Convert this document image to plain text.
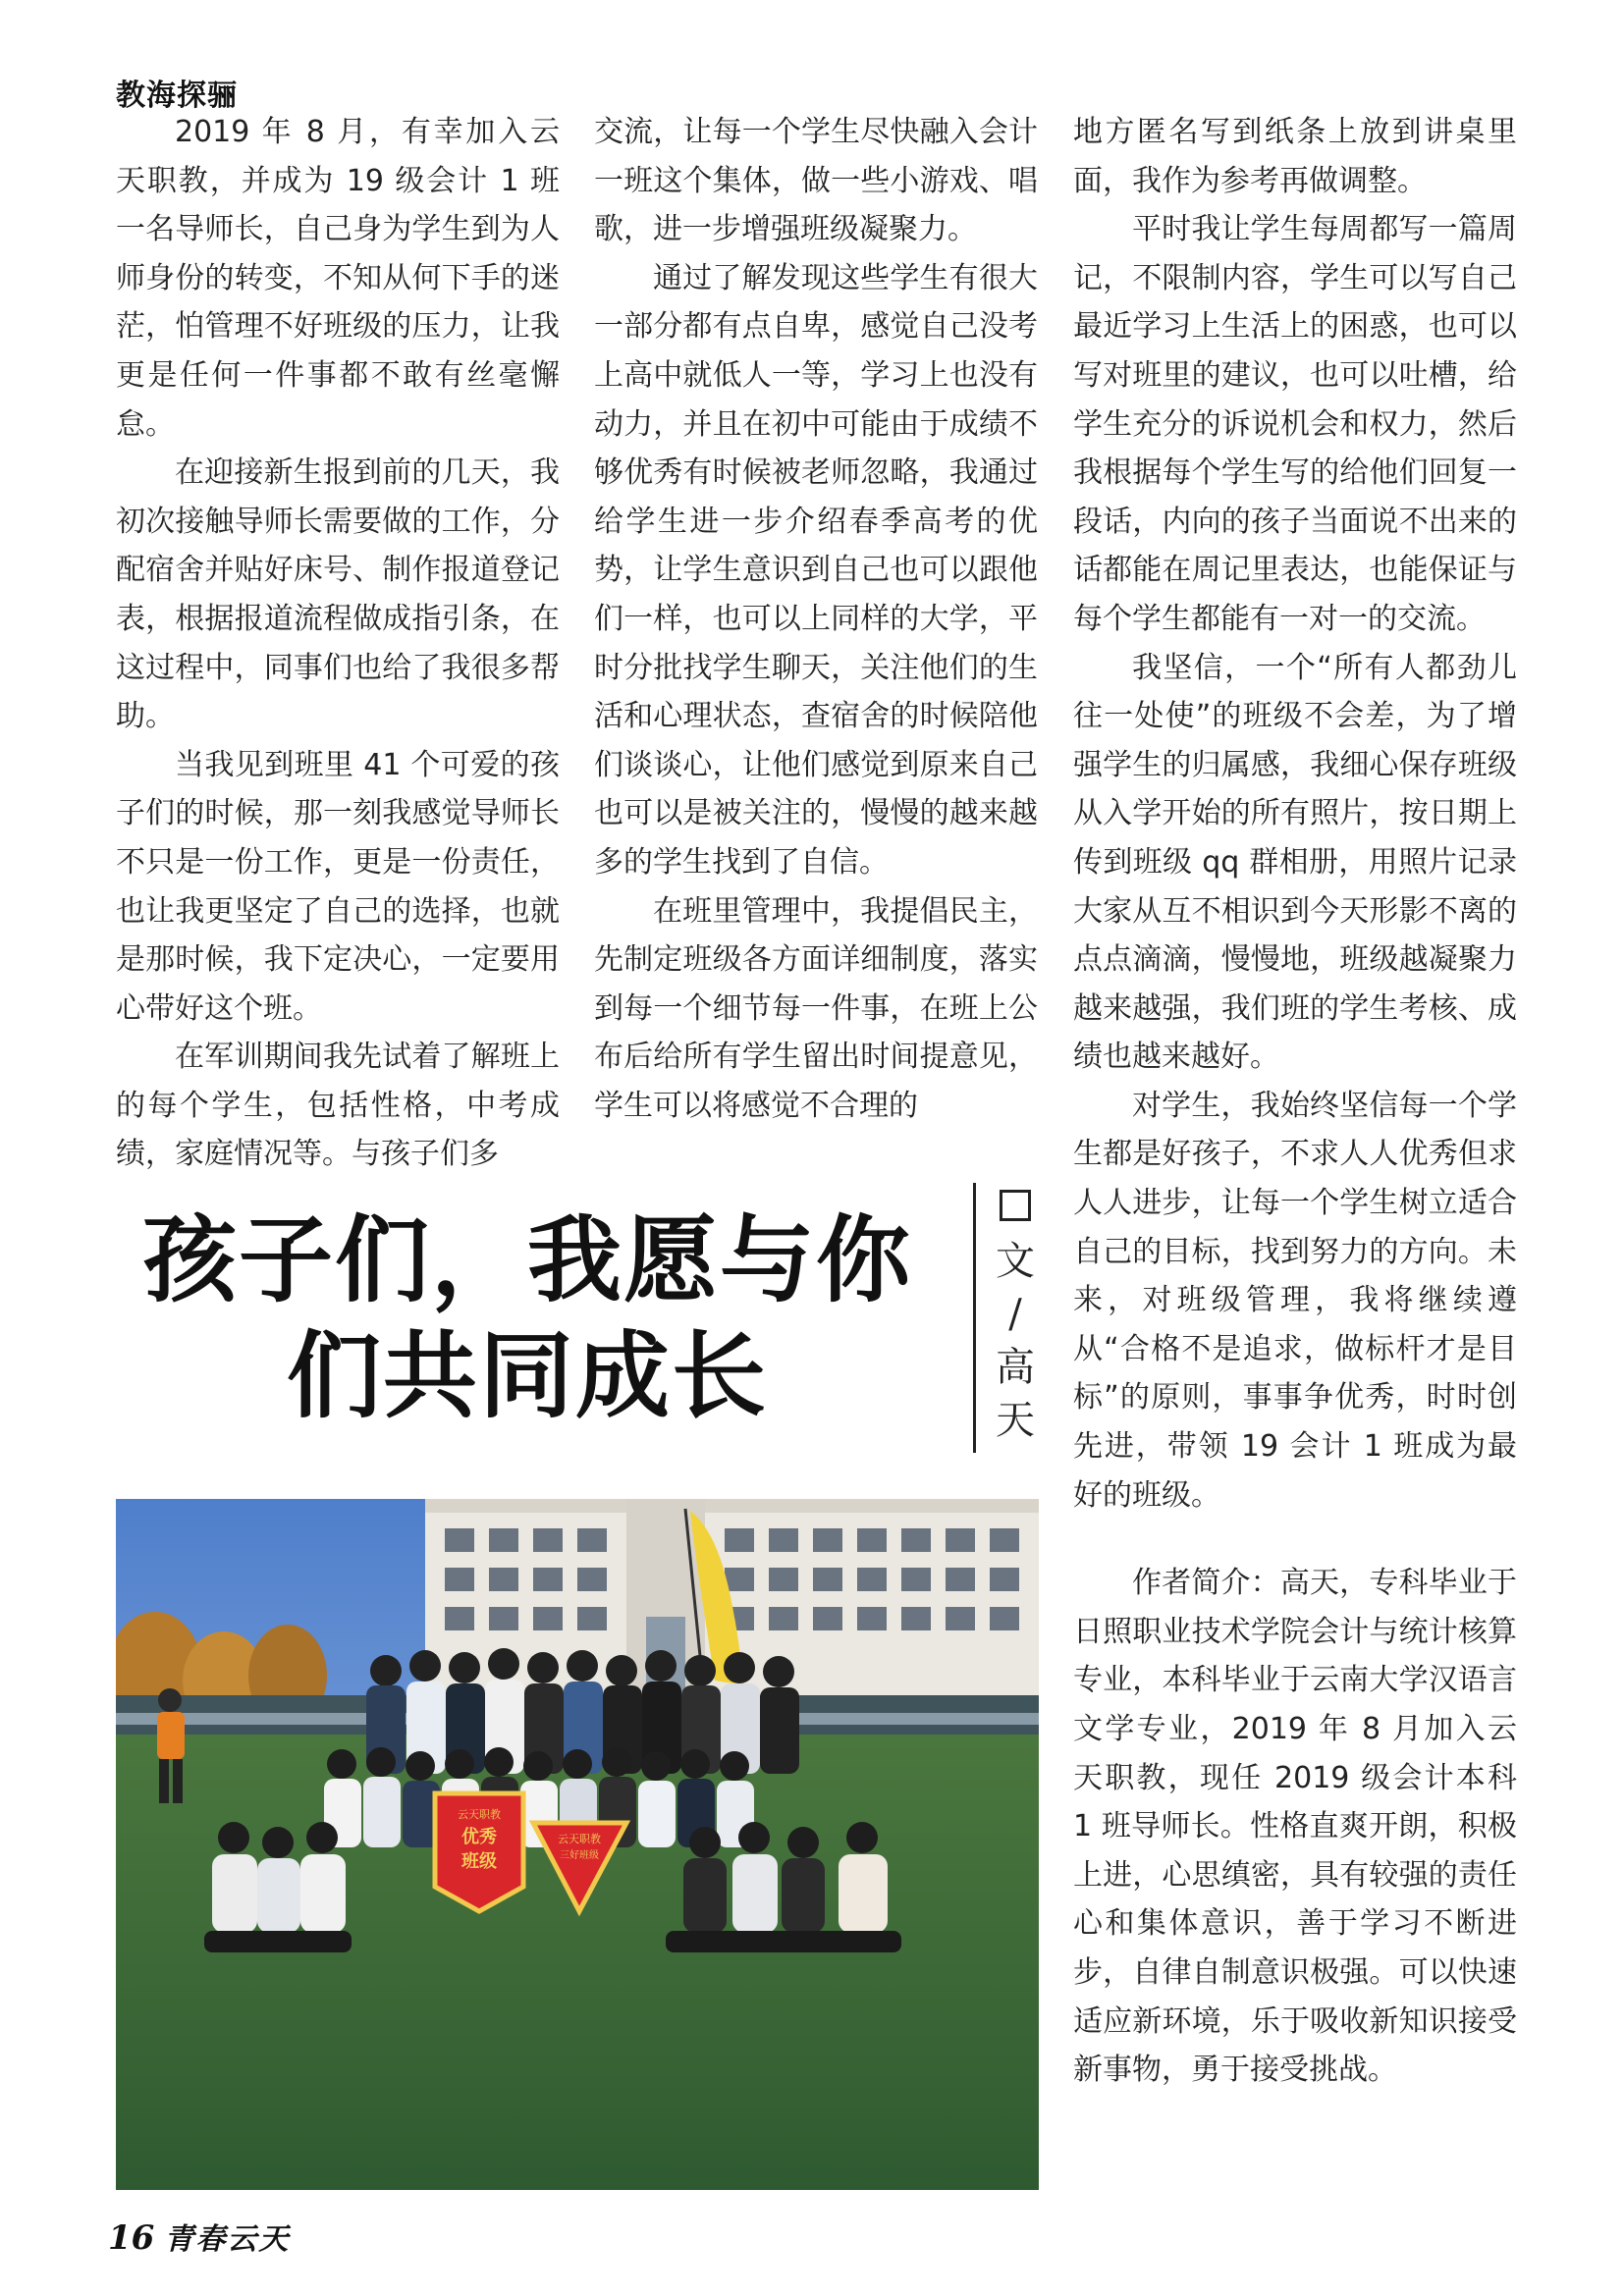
教海探骊

2019 年 8 月，有幸加入云天职教，并成为 19 级会计 1 班一名导师长，自己身为学生到为人师身份的转变，不知从何下手的迷茫，怕管理不好班级的压力，让我更是任何一件事都不敢有丝毫懈怠。

在迎接新生报到前的几天，我初次接触导师长需要做的工作，分配宿舍并贴好床号、制作报道登记表，根据报道流程做成指引条，在这过程中，同事们也给了我很多帮助。

当我见到班里 41 个可爱的孩子们的时候，那一刻我感觉导师长不只是一份工作，更是一份责任，也让我更坚定了自己的选择，也就是那时候，我下定决心，一定要用心带好这个班。

在军训期间我先试着了解班上的每个学生，包括性格，中考成绩，家庭情况等。与孩子们多

交流，让每一个学生尽快融入会计一班这个集体，做一些小游戏、唱歌，进一步增强班级凝聚力。

通过了解发现这些学生有很大一部分都有点自卑，感觉自己没考上高中就低人一等，学习上也没有动力，并且在初中可能由于成绩不够优秀有时候被老师忽略，我通过给学生进一步介绍春季高考的优势，让学生意识到自己也可以跟他们一样，也可以上同样的大学，平时分批找学生聊天，关注他们的生活和心理状态，查宿舍的时候陪他们谈谈心，让他们感觉到原来自己也可以是被关注的，慢慢的越来越多的学生找到了自信。

在班里管理中，我提倡民主，先制定班级各方面详细制度，落实到每一个细节每一件事，在班上公布后给所有学生留出时间提意见，学生可以将感觉不合理的

地方匿名写到纸条上放到讲桌里面，我作为参考再做调整。

平时我让学生每周都写一篇周记，不限制内容，学生可以写自己最近学习上生活上的困惑，也可以写对班里的建议，也可以吐槽，给学生充分的诉说机会和权力，然后我根据每个学生写的给他们回复一段话，内向的孩子当面说不出来的话都能在周记里表达，也能保证与每个学生都能有一对一的交流。

我坚信，一个“所有人都劲儿往一处使”的班级不会差，为了增强学生的归属感，我细心保存班级从入学开始的所有照片，按日期上传到班级 qq 群相册，用照片记录大家从互不相识到今天形影不离的点点滴滴，慢慢地，班级越凝聚力越来越强，我们班的学生考核、成绩也越来越好。

对学生，我始终坚信每一个学生都是好孩子，不求人人优秀但求人人进步，让每一个学生树立适合自己的目标，找到努力的方向。未来，对班级管理，我将继续遵从“合格不是追求，做标杆才是目标”的原则，事事争优秀，时时创先进，带领 19 会计 1 班成为最好的班级。

作者简介：高天，专科毕业于日照职业技术学院会计与统计核算专业，本科毕业于云南大学汉语言文学专业，2019 年 8 月加入云天职教，现任 2019 级会计本科 1 班导师长。性格直爽开朗，积极上进，心思缜密，具有较强的责任心和集体意识，善于学习不断进步，自律自制意识极强。可以快速适应新环境，乐于吸收新知识接受新事物，勇于接受挑战。

孩子们，我愿与你
们共同成长
文
/
高
天
云天职教
优秀
班级
云天职教
三好班级
16 青春云天
